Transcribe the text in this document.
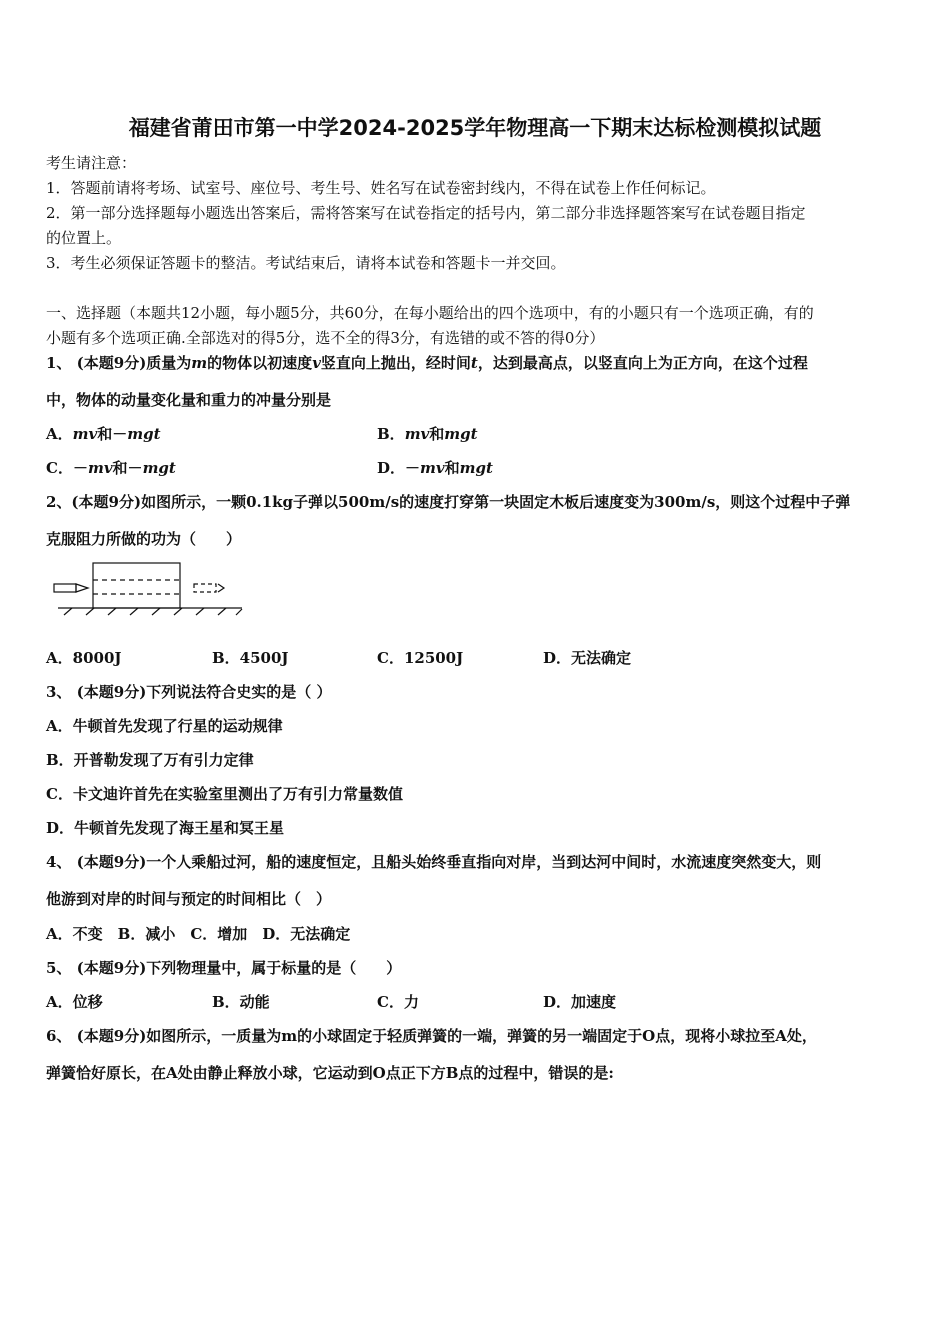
福建省莆田市第一中学2024-2025学年物理高一下期末达标检测模拟试题
考生请注意：
1．答题前请将考场、试室号、座位号、考生号、姓名写在试卷密封线内，不得在试卷上作任何标记。
2．第一部分选择题每小题选出答案后，需将答案写在试卷指定的括号内，第二部分非选择题答案写在试卷题目指定
的位置上。
3．考生必须保证答题卡的整洁。考试结束后，请将本试卷和答题卡一并交回。
一、选择题（本题共12小题，每小题5分，共60分，在每小题给出的四个选项中，有的小题只有一个选项正确，有的
小题有多个选项正确.全部选对的得5分，选不全的得3分，有选错的或不答的得0分）
1、 (本题9分)质量为m的物体以初速度v竖直向上抛出，经时间t，达到最高点，以竖直向上为正方向，在这个过程
中，物体的动量变化量和重力的冲量分别是
A．mv和－mgt	B．mv和mgt
C．－mv和－mgt	D．－mv和mgt
2、(本题9分)如图所示，一颗0.1kg子弹以500m/s的速度打穿第一块固定木板后速度变为300m/s，则这个过程中子弹
克服阻力所做的功为（　　）
A．8000J	B．4500J	C．12500J	D．无法确定
3、 (本题9分)下列说法符合史实的是（ ）
A．牛顿首先发现了行星的运动规律
B．开普勒发现了万有引力定律
C．卡文迪许首先在实验室里测出了万有引力常量数值
D．牛顿首先发现了海王星和冥王星
4、 (本题9分)一个人乘船过河，船的速度恒定，且船头始终垂直指向对岸，当到达河中间时，水流速度突然变大，则
他游到对岸的时间与预定的时间相比（　）
A．不变　B．减小　C．增加　D．无法确定
5、 (本题9分)下列物理量中，属于标量的是（　　）
A．位移	B．动能	C．力	D．加速度
6、 (本题9分)如图所示，一质量为m的小球固定于轻质弹簧的一端，弹簧的另一端固定于O点，现将小球拉至A处，
弹簧恰好原长，在A处由静止释放小球，它运动到O点正下方B点的过程中，错误的是:
